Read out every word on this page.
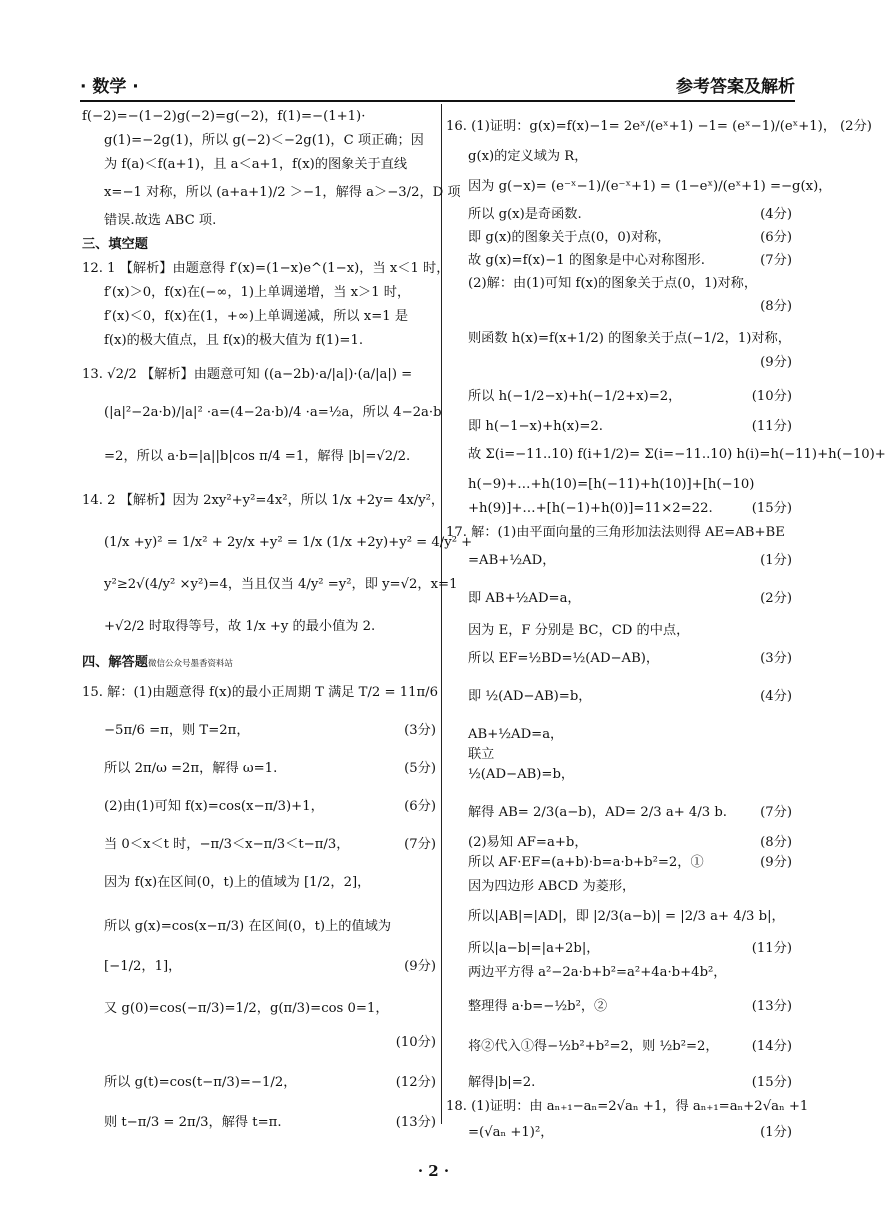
· 数学 ·	参考答案及解析
f(−2)=−(1−2)g(−2)=g(−2)，f(1)=−(1+1)·
g(1)=−2g(1)，所以 g(−2)＜−2g(1)，C 项正确；因
为 f(a)＜f(a+1)，且 a＜a+1，f(x)的图象关于直线
x=−1 对称，所以 (a+a+1)/2 ＞−1，解得 a＞−3/2，D 项
错误.故选 ABC 项.
三、填空题
12. 1 【解析】由题意得 f′(x)=(1−x)e^(1−x)，当 x＜1 时，
f′(x)＞0，f(x)在(−∞，1)上单调递增，当 x＞1 时，
f′(x)＜0，f(x)在(1，+∞)上单调递减，所以 x=1 是
f(x)的极大值点，且 f(x)的极大值为 f(1)=1.
13. √2/2 【解析】由题意可知 ((a−2b)·a/|a|)·(a/|a|) =
(|a|²−2a·b)/|a|² ·a=(4−2a·b)/4 ·a=½a，所以 4−2a·b
=2，所以 a·b=|a||b|cos π/4 =1，解得 |b|=√2/2.
14. 2 【解析】因为 2xy²+y²=4x²，所以 1/x +2y= 4x/y²，
(1/x +y)² = 1/x² + 2y/x +y² = 1/x (1/x +2y)+y² = 4/y² +
y²≥2√(4/y² ×y²)=4，当且仅当 4/y² =y²，即 y=√2，x=1
+√2/2 时取得等号，故 1/x +y 的最小值为 2.
四、解答题微信公众号墨香资料站
15. 解：(1)由题意得 f(x)的最小正周期 T 满足 T/2 = 11π/6
−5π/6 =π，则 T=2π，	(3分)
所以 2π/ω =2π，解得 ω=1.	(5分)
(2)由(1)可知 f(x)=cos(x−π/3)+1，	(6分)
当 0＜x＜t 时，−π/3＜x−π/3＜t−π/3，	(7分)
因为 f(x)在区间(0，t)上的值域为 [1/2，2]，
所以 g(x)=cos(x−π/3) 在区间(0，t)上的值域为
[−1/2，1]，	(9分)
又 g(0)=cos(−π/3)=1/2，g(π/3)=cos 0=1，
(10分)
所以 g(t)=cos(t−π/3)=−1/2，	(12分)
则 t−π/3 = 2π/3，解得 t=π.	(13分)
16. (1)证明：g(x)=f(x)−1= 2eˣ/(eˣ+1) −1= (eˣ−1)/(eˣ+1)， (2分)
g(x)的定义域为 R，
因为 g(−x)= (e⁻ˣ−1)/(e⁻ˣ+1) = (1−eˣ)/(eˣ+1) =−g(x)，
所以 g(x)是奇函数.	(4分)
即 g(x)的图象关于点(0，0)对称，	(6分)
故 g(x)=f(x)−1 的图象是中心对称图形.	(7分)
(2)解：由(1)可知 f(x)的图象关于点(0，1)对称，
(8分)
则函数 h(x)=f(x+1/2) 的图象关于点(−1/2，1)对称，
(9分)
所以 h(−1/2−x)+h(−1/2+x)=2，	(10分)
即 h(−1−x)+h(x)=2.	(11分)
故 Σ(i=−11..10) f(i+1/2)= Σ(i=−11..10) h(i)=h(−11)+h(−10)+
h(−9)+…+h(10)=[h(−11)+h(10)]+[h(−10)
+h(9)]+…+[h(−1)+h(0)]=11×2=22.	(15分)
17. 解：(1)由平面向量的三角形加法法则得 AE=AB+BE
=AB+½AD，	(1分)
即 AB+½AD=a，	(2分)
因为 E，F 分别是 BC，CD 的中点，
所以 EF=½BD=½(AD−AB)，	(3分)
即 ½(AD−AB)=b，	(4分)
AB+½AD=a，
联立
½(AD−AB)=b，
解得 AB= 2/3(a−b)，AD= 2/3 a+ 4/3 b.	(7分)
(2)易知 AF=a+b，	(8分)
所以 AF·EF=(a+b)·b=a·b+b²=2，①	(9分)
因为四边形 ABCD 为菱形，
所以|AB|=|AD|，即 |2/3(a−b)| = |2/3 a+ 4/3 b|，
所以|a−b|=|a+2b|，	(11分)
两边平方得 a²−2a·b+b²=a²+4a·b+4b²，
整理得 a·b=−½b²，②	(13分)
将②代入①得−½b²+b²=2，则 ½b²=2，	(14分)
解得|b|=2.	(15分)
18. (1)证明：由 aₙ₊₁−aₙ=2√aₙ +1，得 aₙ₊₁=aₙ+2√aₙ +1
=(√aₙ +1)²，	(1分)
· 2 ·
